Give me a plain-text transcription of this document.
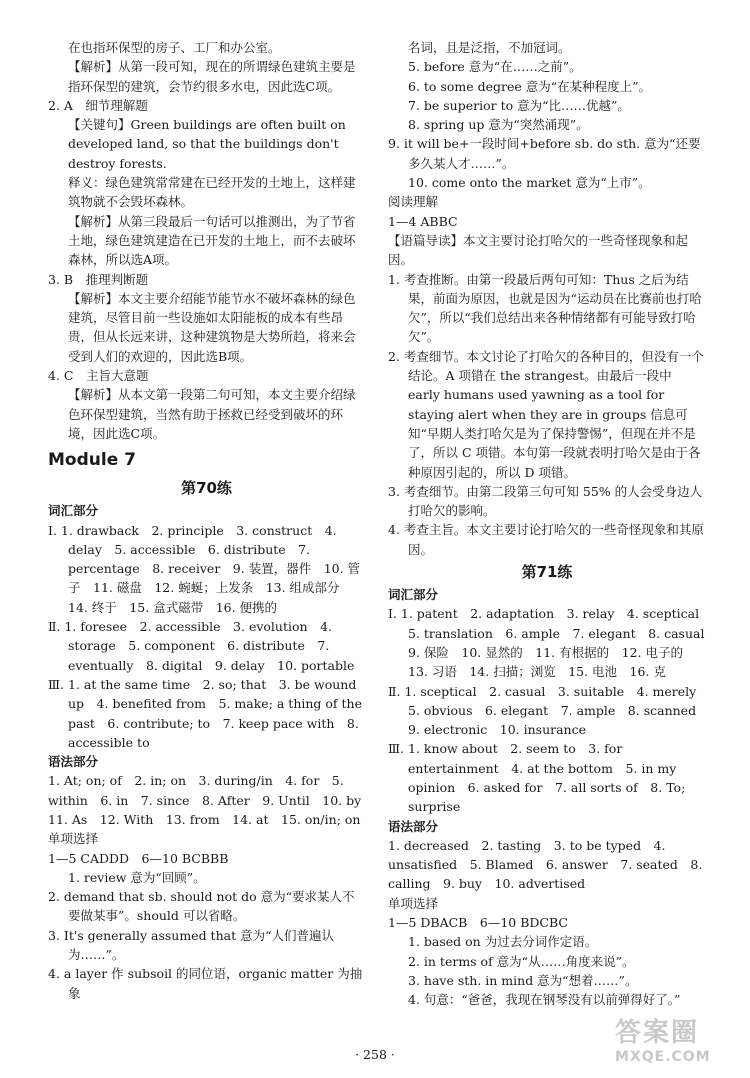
在也指环保型的房子、工厂和办公室。

【解析】从第一段可知，现在的所谓绿色建筑主要是指环保型的建筑，会节约很多水电，因此选C项。

2. A　细节理解题

【关键句】Green buildings are often built on developed land, so that the buildings don't destroy forests.

释义：绿色建筑常常建在已经开发的土地上，这样建筑物就不会毁坏森林。

【解析】从第三段最后一句话可以推测出，为了节省土地，绿色建筑建造在已开发的土地上，而不去破坏森林，所以选A项。

3. B　推理判断题

【解析】本文主要介绍能节能节水不破坏森林的绿色建筑，尽管目前一些设施如太阳能板的成本有些昂贵，但从长远来讲，这种建筑物是大势所趋，将来会受到人们的欢迎的，因此选B项。

4. C　主旨大意题

【解析】从本文第一段第二句可知，本文主要介绍绿色环保型建筑，当然有助于拯救已经受到破坏的环境，因此选C项。

Module 7

第70练

词汇部分

Ⅰ. 1. drawback　2. principle　3. construct　4. delay　5. accessible　6. distribute　7. percentage　8. receiver　9. 装置，器件　10. 管子　11. 磁盘　12. 蜿蜒；上发条　13. 组成部分　14. 终于　15. 盒式磁带　16. 便携的

Ⅱ. 1. foresee　2. accessible　3. evolution　4. storage　5. component　6. distribute　7. eventually　8. digital　9. delay　10. portable

Ⅲ. 1. at the same time　2. so; that　3. be wound up　4. benefited from　5. make; a thing of the past　6. contribute; to　7. keep pace with　8. accessible to

语法部分

1. At; on; of　2. in; on　3. during/in　4. for　5. within　6. in　7. since　8. After　9. Until　10. by　11. As　12. With　13. from　14. at　15. on/in; on

单项选择

1—5 CADDD　6—10 BCBBB

1. review 意为“回顾”。

2. demand that sb. should not do 意为“要求某人不要做某事”。should 可以省略。

3. It's generally assumed that 意为“人们普遍认为……”。

4. a layer 作 subsoil 的同位语，organic matter 为抽象

名词，且是泛指，不加冠词。

5. before 意为“在……之前”。

6. to some degree 意为“在某种程度上”。

7. be superior to 意为“比……优越”。

8. spring up 意为“突然涌现”。

9. it will be+一段时间+before sb. do sth. 意为“还要多久某人才……”。

10. come onto the market 意为“上市”。

阅读理解

1—4 ABBC

【语篇导读】本文主要讨论打哈欠的一些奇怪现象和起因。

1. 考查推断。由第一段最后两句可知：Thus 之后为结果，前面为原因，也就是因为“运动员在比赛前也打哈欠”，所以“我们总结出来各种情绪都有可能导致打哈欠”。

2. 考查细节。本文讨论了打哈欠的各种目的，但没有一个结论。A 项错在 the strangest。由最后一段中 early humans used yawning as a tool for staying alert when they are in groups 信息可知“早期人类打哈欠是为了保持警惕”，但现在并不是了，所以 C 项错。本句第一段就表明打哈欠是由于各种原因引起的，所以 D 项错。

3. 考查细节。由第二段第三句可知 55% 的人会受身边人打哈欠的影响。

4. 考查主旨。本文主要讨论打哈欠的一些奇怪现象和其原因。

第71练

词汇部分

Ⅰ. 1. patent　2. adaptation　3. relay　4. sceptical　5. translation　6. ample　7. elegant　8. casual　9. 保险　10. 显然的　11. 有根据的　12. 电子的　13. 习语　14. 扫描；浏览　15. 电池　16. 克

Ⅱ. 1. sceptical　2. casual　3. suitable　4. merely　5. obvious　6. elegant　7. ample　8. scanned　9. electronic　10. insurance

Ⅲ. 1. know about　2. seem to　3. for entertainment　4. at the bottom　5. in my opinion　6. asked for　7. all sorts of　8. To; surprise

语法部分

1. decreased　2. tasting　3. to be typed　4. unsatisfied　5. Blamed　6. answer　7. seated　8. calling　9. buy　10. advertised

单项选择

1—5 DBACB　6—10 BDCBC

1. based on 为过去分词作定语。

2. in terms of 意为“从……角度来说”。

3. have sth. in mind 意为“想着……”。

4. 句意：“爸爸，我现在钢琴没有以前弹得好了。”

· 258 ·
答案圈
MXQE.COM
